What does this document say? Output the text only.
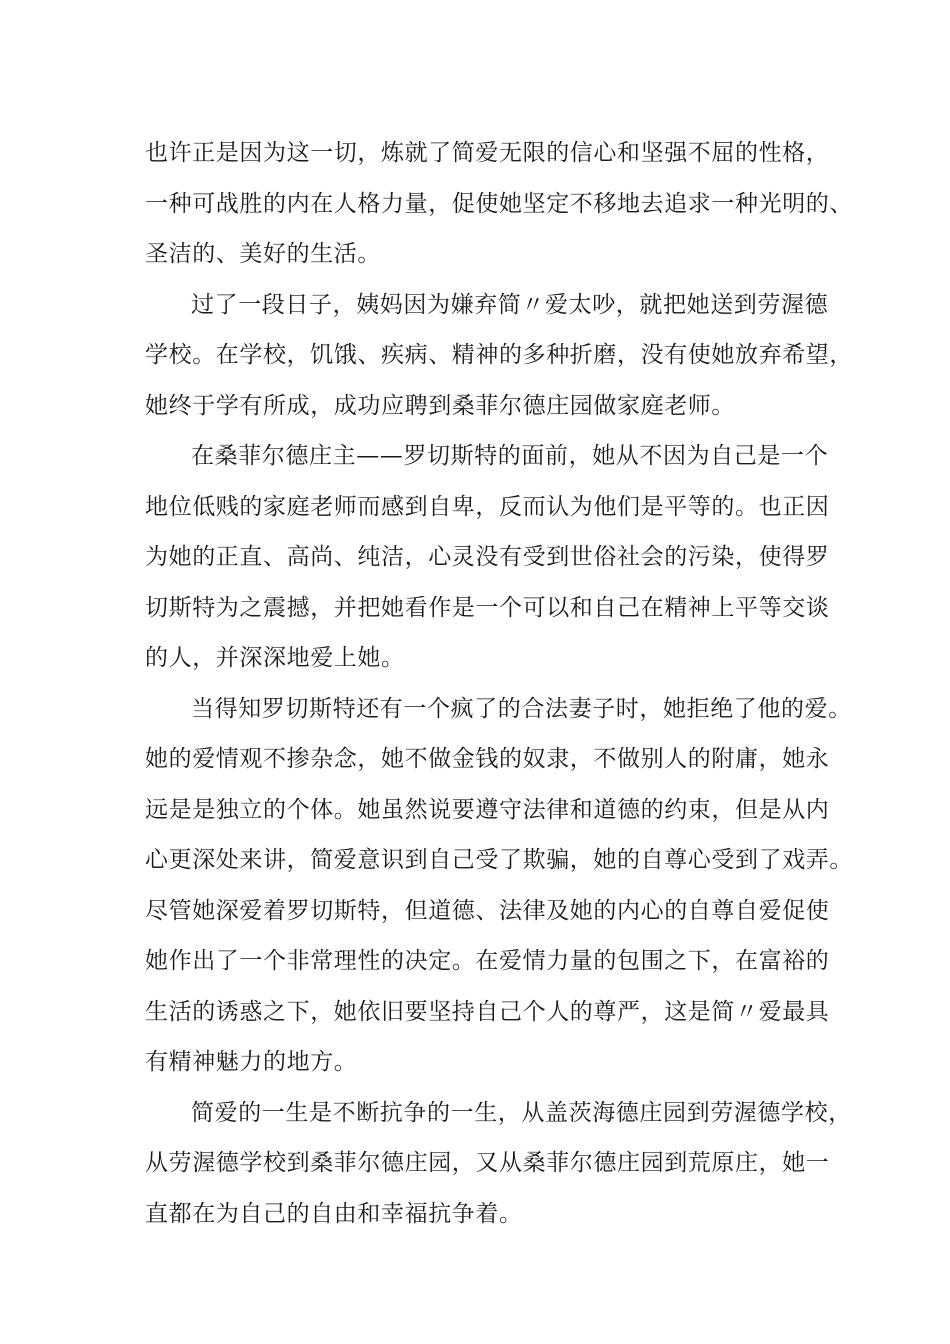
也许正是因为这一切，炼就了简爱无限的信心和坚强不屈的性格，
一种可战胜的内在人格力量，促使她坚定不移地去追求一种光明的、
圣洁的、美好的生活。
过了一段日子，姨妈因为嫌弃简〃爱太吵，就把她送到劳渥德
学校。在学校，饥饿、疾病、精神的多种折磨，没有使她放弃希望，
她终于学有所成，成功应聘到桑菲尔德庄园做家庭老师。
在桑菲尔德庄主——罗切斯特的面前，她从不因为自己是一个
地位低贱的家庭老师而感到自卑，反而认为他们是平等的。也正因
为她的正直、高尚、纯洁，心灵没有受到世俗社会的污染，使得罗
切斯特为之震撼，并把她看作是一个可以和自己在精神上平等交谈
的人，并深深地爱上她。
当得知罗切斯特还有一个疯了的合法妻子时，她拒绝了他的爱。
她的爱情观不掺杂念，她不做金钱的奴隶，不做别人的附庸，她永
远是是独立的个体。她虽然说要遵守法律和道德的约束，但是从内
心更深处来讲，简爱意识到自己受了欺骗，她的自尊心受到了戏弄。
尽管她深爱着罗切斯特，但道德、法律及她的内心的自尊自爱促使
她作出了一个非常理性的决定。在爱情力量的包围之下，在富裕的
生活的诱惑之下，她依旧要坚持自己个人的尊严，这是简〃爱最具
有精神魅力的地方。
简爱的一生是不断抗争的一生，从盖茨海德庄园到劳渥德学校，
从劳渥德学校到桑菲尔德庄园，又从桑菲尔德庄园到荒原庄，她一
直都在为自己的自由和幸福抗争着。
